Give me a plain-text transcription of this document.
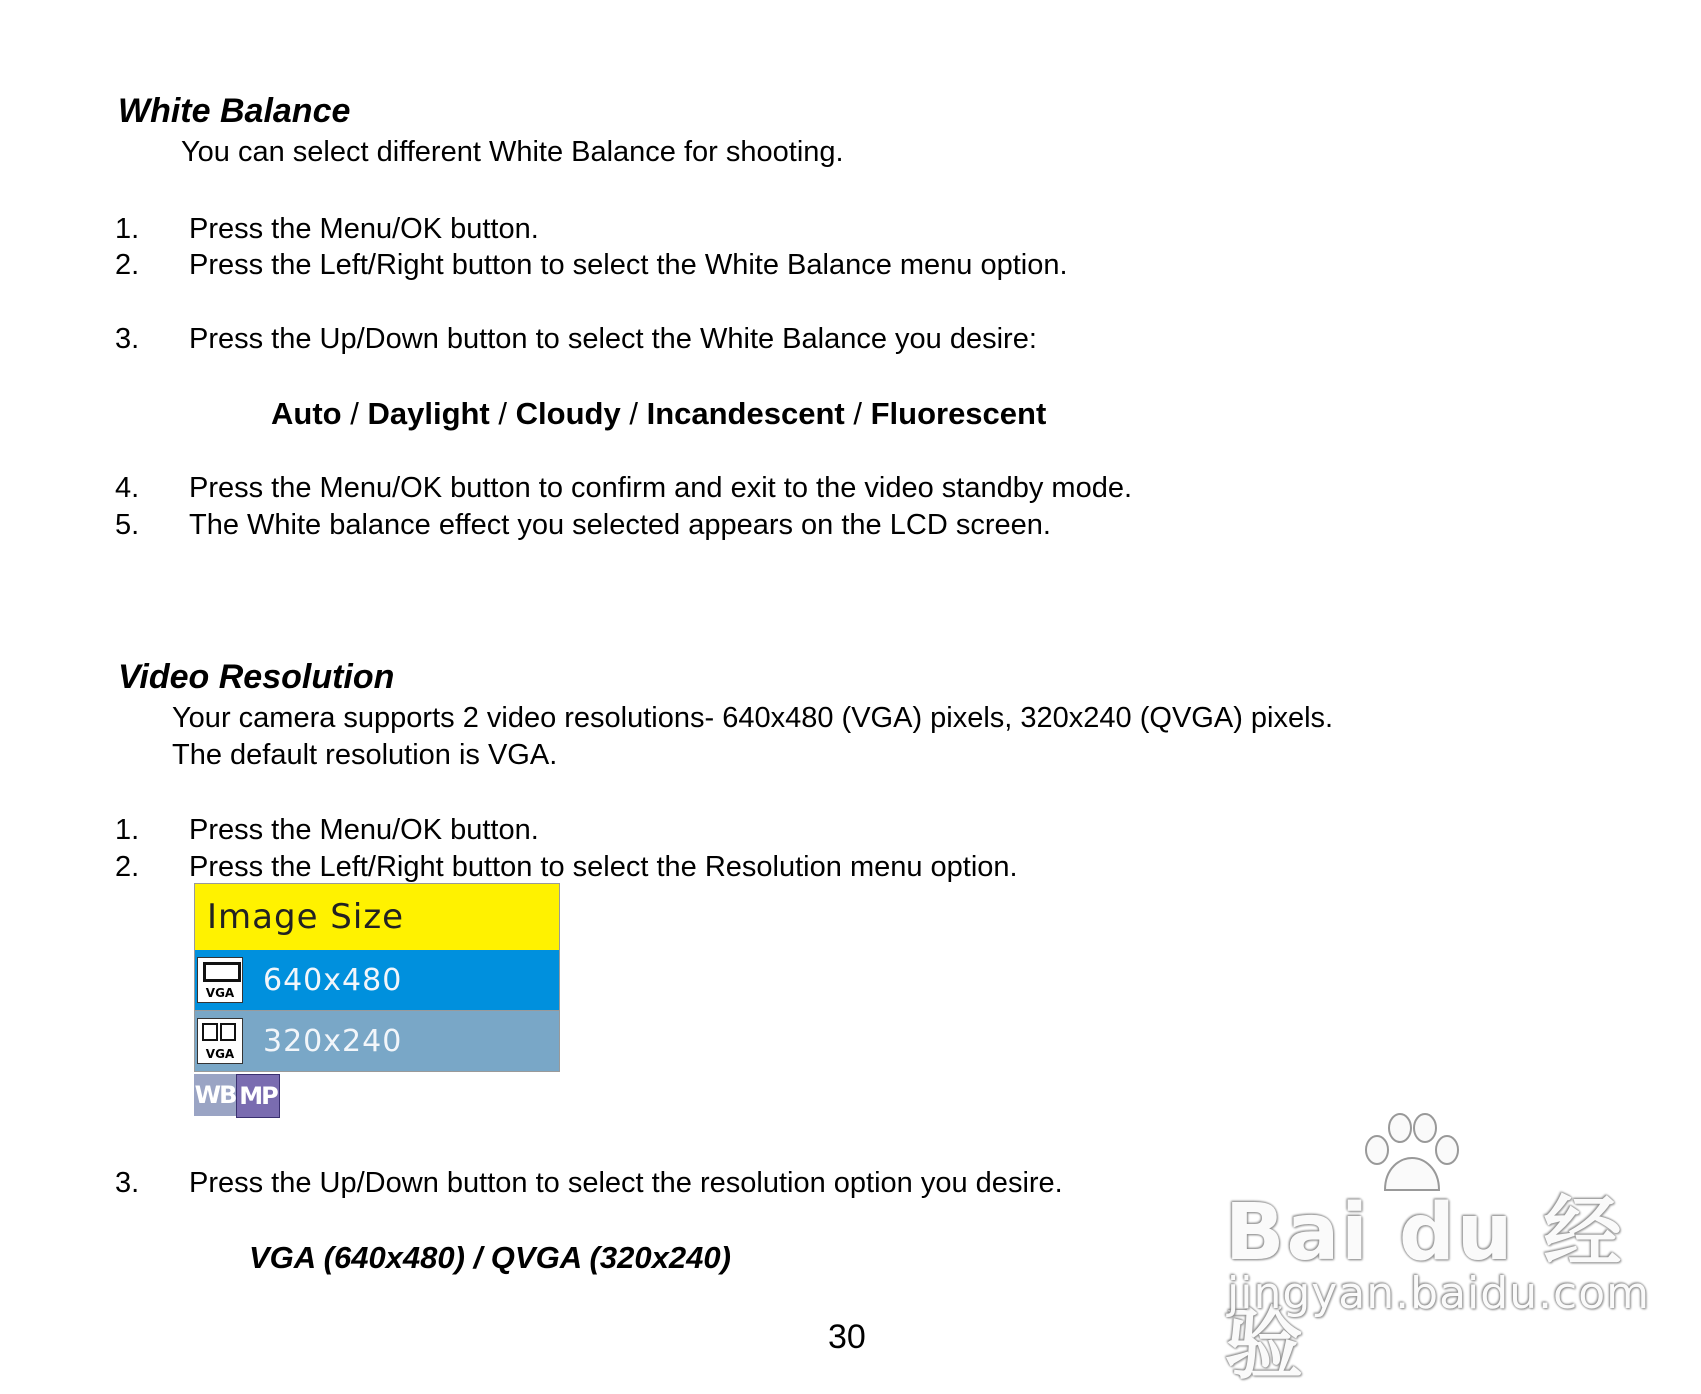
White Balance
You can select different White Balance for shooting.
1. Press the Menu/OK button.
2. Press the Left/Right button to select the White Balance menu option.
3. Press the Up/Down button to select the White Balance you desire:
Auto / Daylight / Cloudy / Incandescent / Fluorescent
4. Press the Menu/OK button to confirm and exit to the video standby mode.
5. The White balance effect you selected appears on the LCD screen.
Video Resolution
Your camera supports 2 video resolutions- 640x480 (VGA) pixels, 320x240 (QVGA) pixels.
The default resolution is VGA.
1. Press the Menu/OK button.
2. Press the Left/Right button to select the Resolution menu option.
Image Size
VGA 640x480
VGA 320x240
WB MP
3. Press the Up/Down button to select the resolution option you desire.
VGA (640x480) / QVGA (320x240)	Bai du 经验
jingyan.baidu.com
30
